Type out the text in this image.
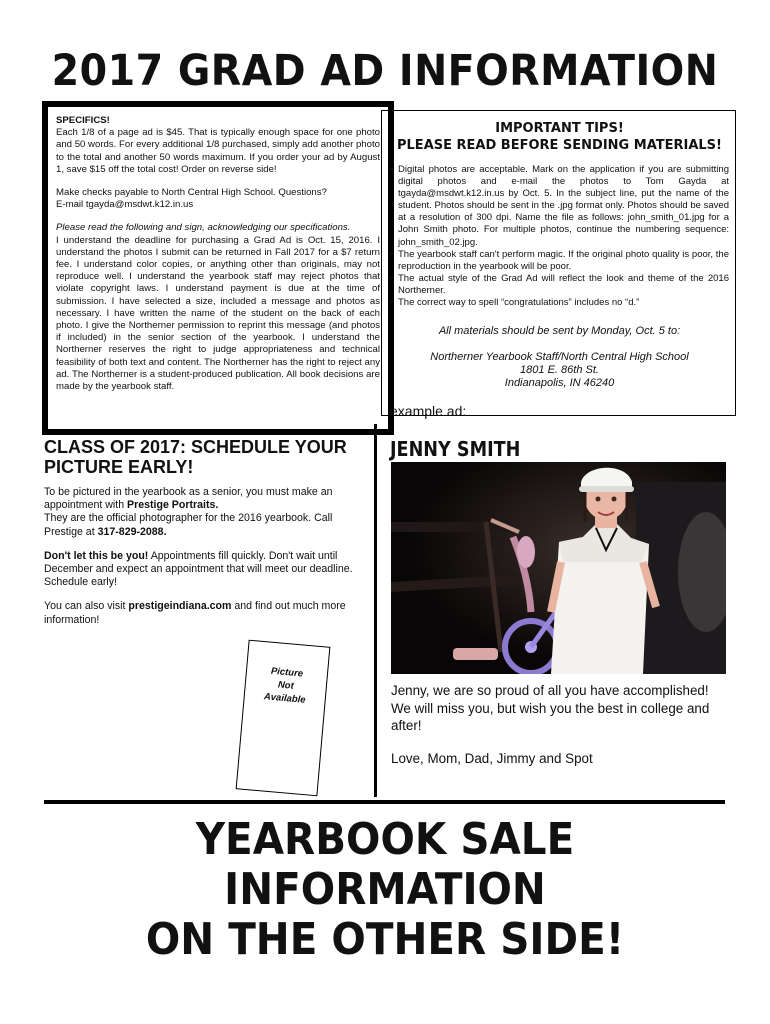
2017 GRAD AD INFORMATION

SPECIFICS!

Each 1/8 of a page ad is $45. That is typically enough space for one photo and 50 words. For every additional 1/8 purchased, simply add another photo to the total and another 50 words maximum. If you order your ad by August 1, save $15 off the total cost! Order on reverse side!

Make checks payable to North Central High School. Questions?

E-mail tgayda@msdwt.k12.in.us

Please read the following and sign, acknowledging our specifications.

I understand the deadline for purchasing a Grad Ad is Oct. 15, 2016. I understand the photos I submit can be returned in Fall 2017 for a $7 return fee. I understand color copies, or anything other than originals, may not reproduce well. I understand the yearbook staff may reject photos that violate copyright laws. I understand payment is due at the time of submission. I have selected a size, included a message and photos as necessary. I have written the name of the student on the back of each photo. I give the Northerner permission to reprint this message (and photos if included) in the senior section of the yearbook. I understand the Northerner reserves the right to judge appropriateness and technical feasibility of both text and content. The Northerner has the right to reject any ad. The Northerner is a student-produced publication. All book decisions are made by the yearbook staff.

IMPORTANT TIPS!
PLEASE READ BEFORE SENDING MATERIALS!
• Digital photos are acceptable. Mark on the application if you are submitting digital photos and e-mail the photos to Tom Gayda at tgayda@msdwt.k12.in.us by Oct. 5. In the subject line, put the name of the student. Photos should be sent in the .jpg format only. Photos should be saved at a resolution of 300 dpi. Name the file as follows: john_smith_01.jpg for a John Smith photo. For multiple photos, continue the numbering sequence: john_smith_02.jpg.
• The yearbook staff can't perform magic. If the original photo quality is poor, the reproduction in the yearbook will be poor.
• The actual style of the Grad Ad will reflect the look and theme of the 2016 Northerner.
• The correct way to spell “congratulations” includes no “d.”
All materials should be sent by Monday, Oct. 5 to:
Northerner Yearbook Staff/North Central High School
1801 E. 86th St.
Indianapolis, IN 46240
example ad:
CLASS OF 2017: SCHEDULE YOUR PICTURE EARLY!

To be pictured in the yearbook as a senior, you must make an appointment with Prestige Portraits.
They are the official photographer for the 2016 yearbook. Call Prestige at 317-829-2088.

Don't let this be you! Appointments fill quickly. Don't wait until December and expect an appointment that will meet our deadline. Schedule early!

You can also visit prestigeindiana.com and find out much more information!

Picture
Not
Available
JENNY SMITH
Jenny, we are so proud of all you have accomplished! We will miss you, but wish you the best in college and after!
Love, Mom, Dad, Jimmy and Spot
YEARBOOK SALE INFORMATION
ON THE OTHER SIDE!
